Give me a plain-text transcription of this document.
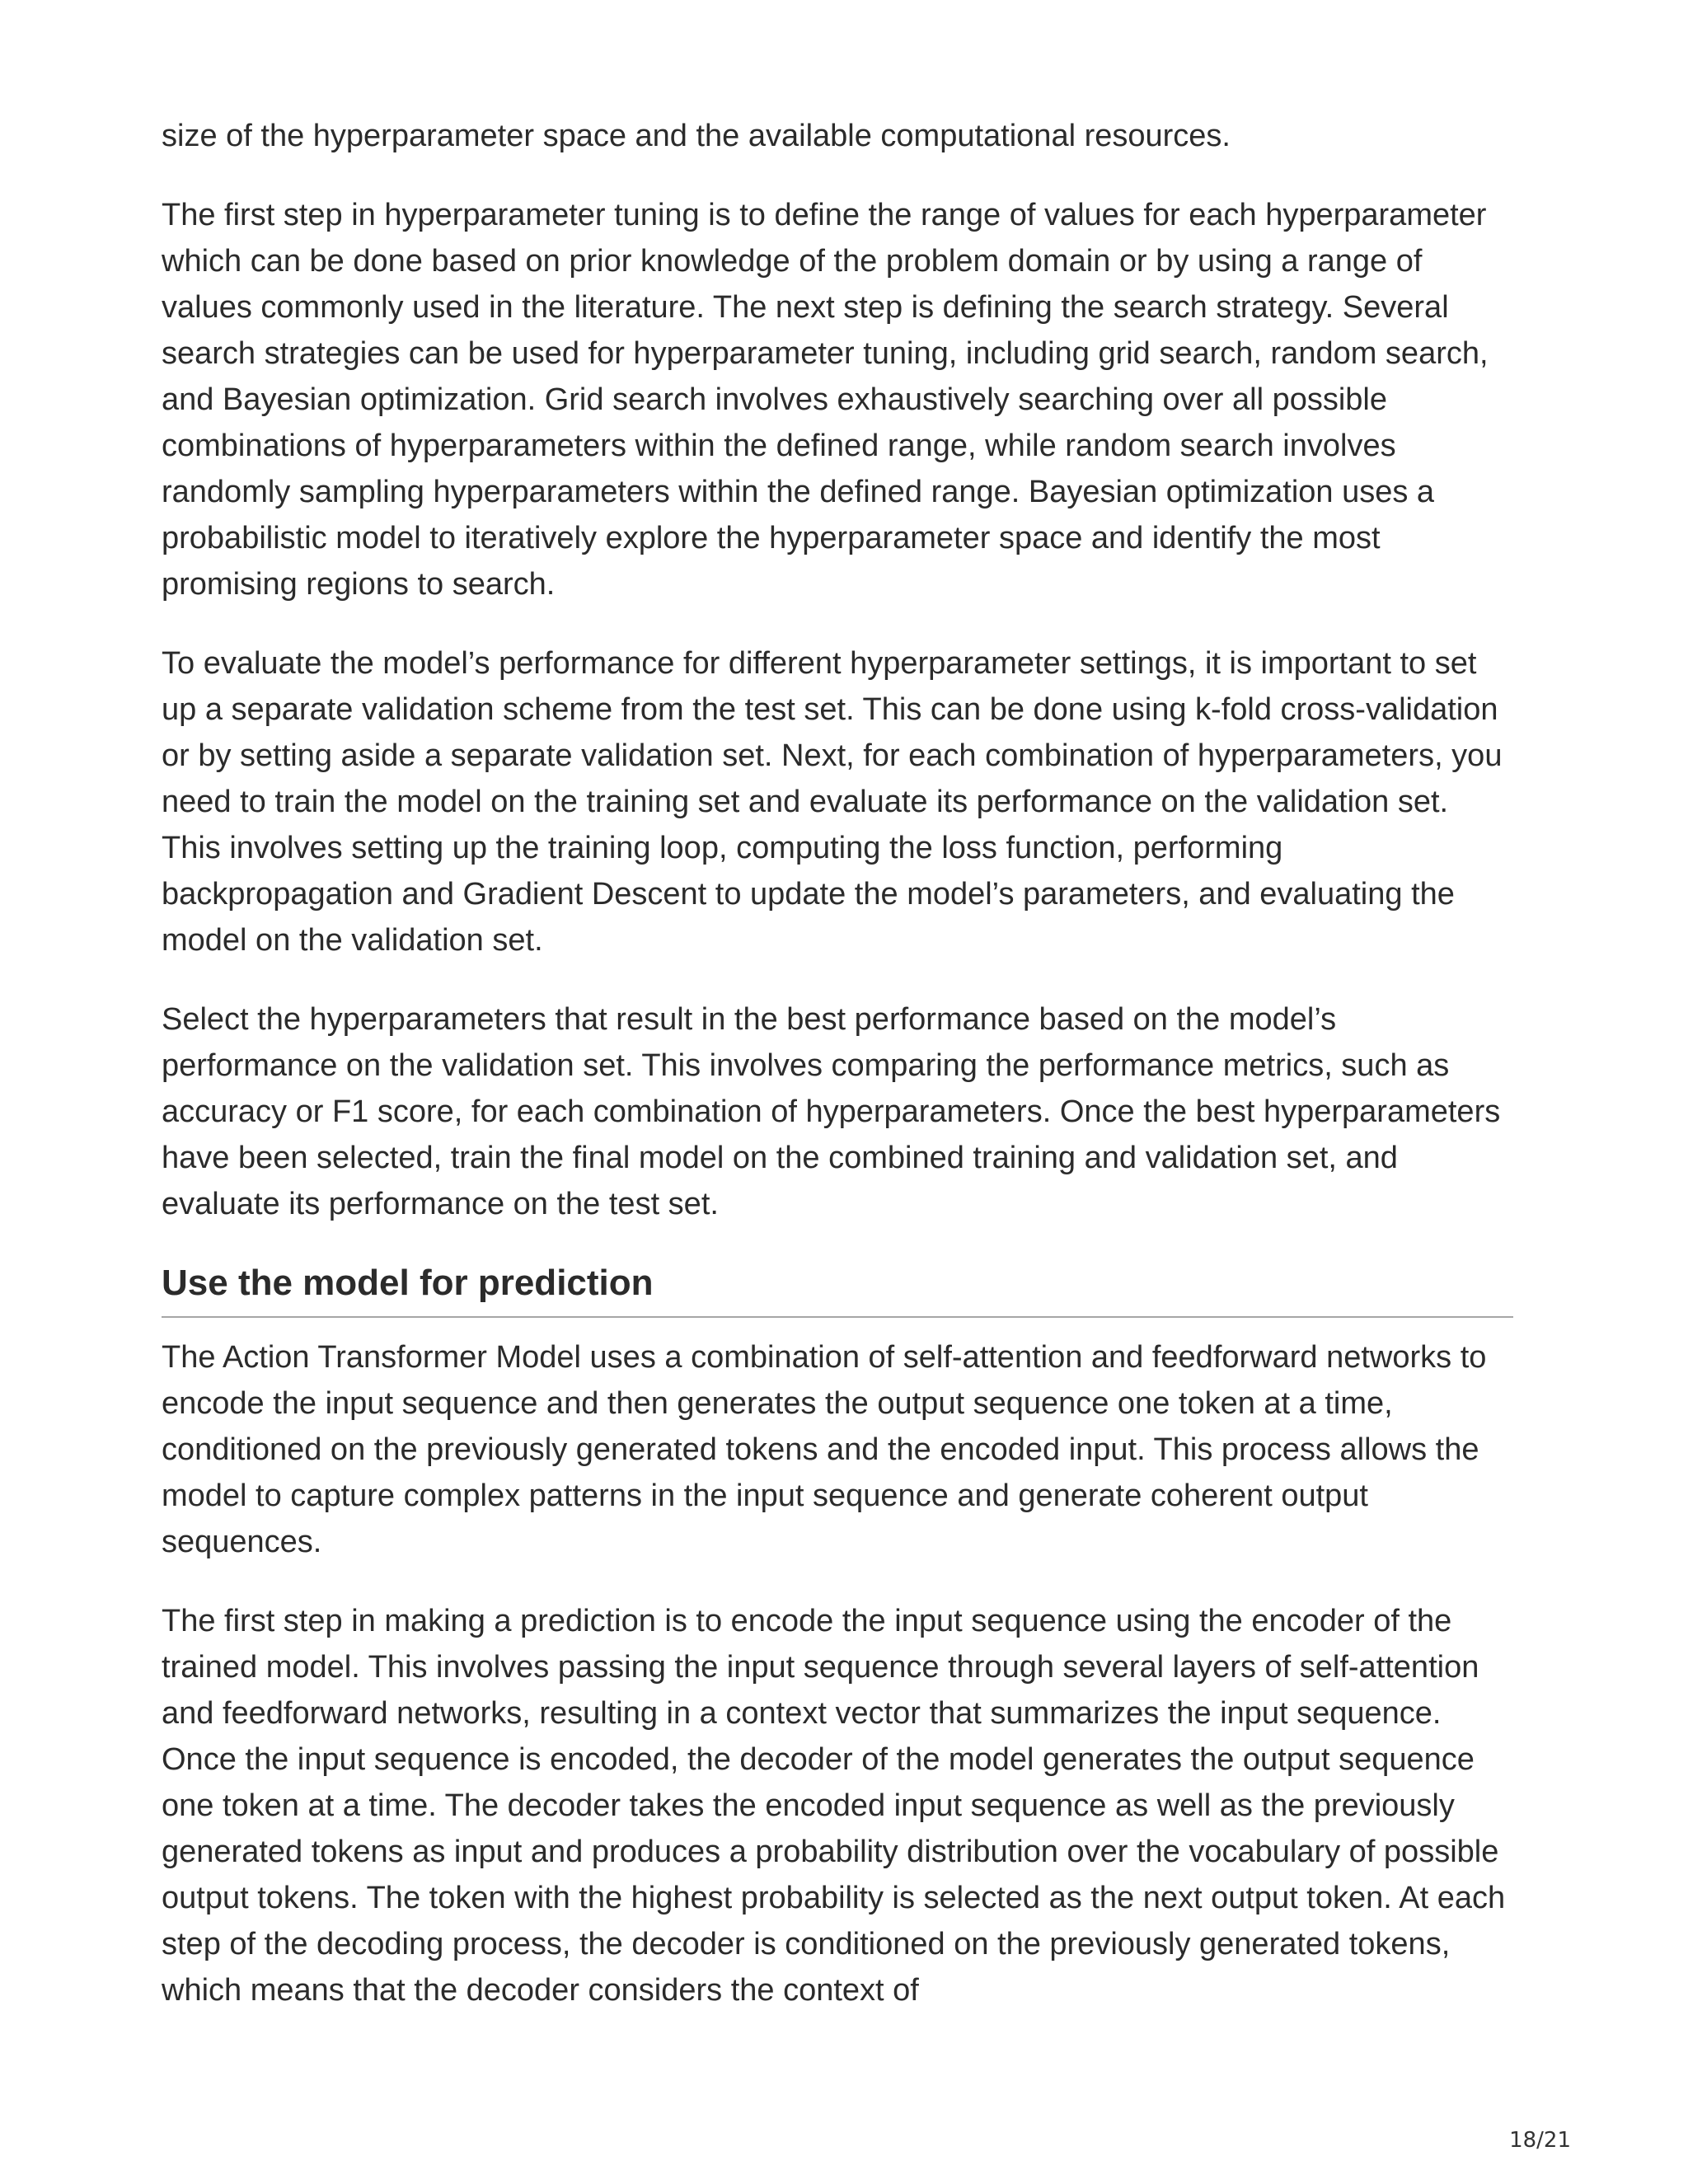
size of the hyperparameter space and the available computational resources.

The first step in hyperparameter tuning is to define the range of values for each hyperparameter which can be done based on prior knowledge of the problem domain or by using a range of values commonly used in the literature. The next step is defining the search strategy. Several search strategies can be used for hyperparameter tuning, including grid search, random search, and Bayesian optimization. Grid search involves exhaustively searching over all possible combinations of hyperparameters within the defined range, while random search involves randomly sampling hyperparameters within the defined range. Bayesian optimization uses a probabilistic model to iteratively explore the hyperparameter space and identify the most promising regions to search.

To evaluate the model’s performance for different hyperparameter settings, it is important to set up a separate validation scheme from the test set. This can be done using k-fold cross-validation or by setting aside a separate validation set. Next, for each combination of hyperparameters, you need to train the model on the training set and evaluate its performance on the validation set. This involves setting up the training loop, computing the loss function, performing backpropagation and Gradient Descent to update the model’s parameters, and evaluating the model on the validation set.

Select the hyperparameters that result in the best performance based on the model’s performance on the validation set. This involves comparing the performance metrics, such as accuracy or F1 score, for each combination of hyperparameters. Once the best hyperparameters have been selected, train the final model on the combined training and validation set, and evaluate its performance on the test set.

Use the model for prediction

The Action Transformer Model uses a combination of self-attention and feedforward networks to encode the input sequence and then generates the output sequence one token at a time, conditioned on the previously generated tokens and the encoded input. This process allows the model to capture complex patterns in the input sequence and generate coherent output sequences.

The first step in making a prediction is to encode the input sequence using the encoder of the trained model. This involves passing the input sequence through several layers of self-attention and feedforward networks, resulting in a context vector that summarizes the input sequence. Once the input sequence is encoded, the decoder of the model generates the output sequence one token at a time. The decoder takes the encoded input sequence as well as the previously generated tokens as input and produces a probability distribution over the vocabulary of possible output tokens. The token with the highest probability is selected as the next output token. At each step of the decoding process, the decoder is conditioned on the previously generated tokens, which means that the decoder considers the context of

18/21
